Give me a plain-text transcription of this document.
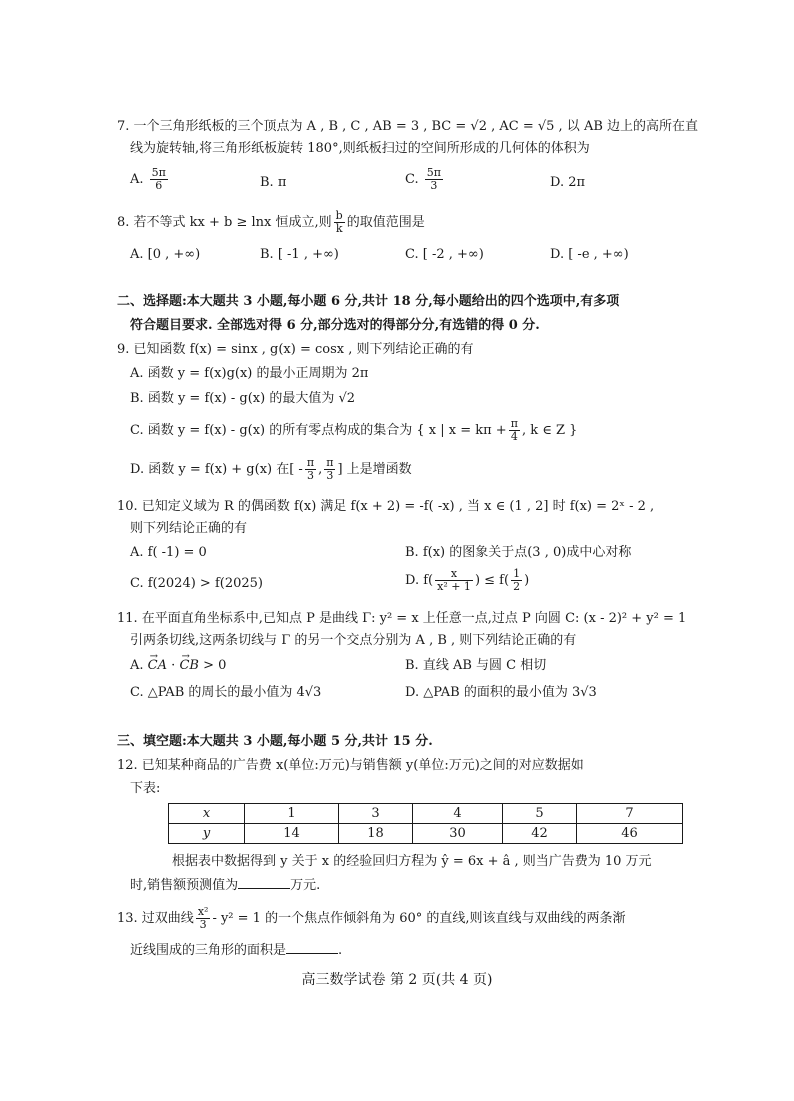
7. 一个三角形纸板的三个顶点为 A , B , C , AB = 3 , BC = √2 , AC = √5 , 以 AB 边上的高所在直
线为旋转轴,将三角形纸板旋转 180°,则纸板扫过的空间所形成的几何体的体积为
A. $\frac{5\pi}{6}$	B. π	C. $\frac{5\pi}{3}$	D. 2π
8. 若不等式 kx + b ≥ lnx 恒成立,则 $\frac{b}{k}$ 的取值范围是
A. [0 , +∞)	B. [ -1 , +∞)	C. [ -2 , +∞)	D. [ -e , +∞)
二、选择题:本大题共 3 小题,每小题 6 分,共计 18 分,每小题给出的四个选项中,有多项
符合题目要求. 全部选对得 6 分,部分选对的得部分分,有选错的得 0 分.
9. 已知函数 f(x) = sinx , g(x) = cosx , 则下列结论正确的有
A. 函数 y = f(x)g(x) 的最小正周期为 2π
B. 函数 y = f(x) - g(x) 的最大值为 √2
C. 函数 y = f(x) - g(x) 的所有零点构成的集合为 { x | $x = k\pi + \frac{\pi}{4}$ , k ∈ Z }
D. 函数 y = f(x) + g(x) 在[ - $\frac{\pi}{3}$ , $\frac{\pi}{3}$ ] 上是增函数
10. 已知定义域为 R 的偶函数 f(x) 满足 f(x + 2) = -f( -x) , 当 x ∈ (1 , 2] 时 f(x) = 2ˣ - 2 ,
则下列结论正确的有
A. f( -1) = 0	B. f(x) 的图象关于点(3 , 0)成中心对称
C. f(2024) > f(2025)	D. $f( \frac{x}{\text{x² + 1}}$ ) ≤ $f( \frac{1}{2}$ )
11. 在平面直角坐标系中,已知点 P 是曲线 Γ: y² = x 上任意一点,过点 P 向圆 C: (x - 2)² + y² = 1
引两条切线,这两条切线与 Γ 的另一个交点分别为 A , B , 则下列结论正确的有
A. → CA · → CB > 0	B. 直线 AB 与圆 C 相切
C. △PAB 的周长的最小值为 4√3	D. △PAB 的面积的最小值为 3√3
三、填空题:本大题共 3 小题,每小题 5 分,共计 15 分.
12. 已知某种商品的广告费 x(单位:万元)与销售额 y(单位:万元)之间的对应数据如
下表:
x	1	3	4	5	7
y	14	18	30	42	46
根据表中数据得到 y 关于 x 的经验回归方程为 ŷ = 6x + â , 则当广告费为 10 万元
时,销售额预测值为	万元.
13. 过双曲线 $\frac{\text{x²}}{3} - y^2 = 1$ 的一个焦点作倾斜角为 60° 的直线,则该直线与双曲线的两条渐
近线围成的三角形的面积是	.
高三数学试卷 第 2 页(共 4 页)
